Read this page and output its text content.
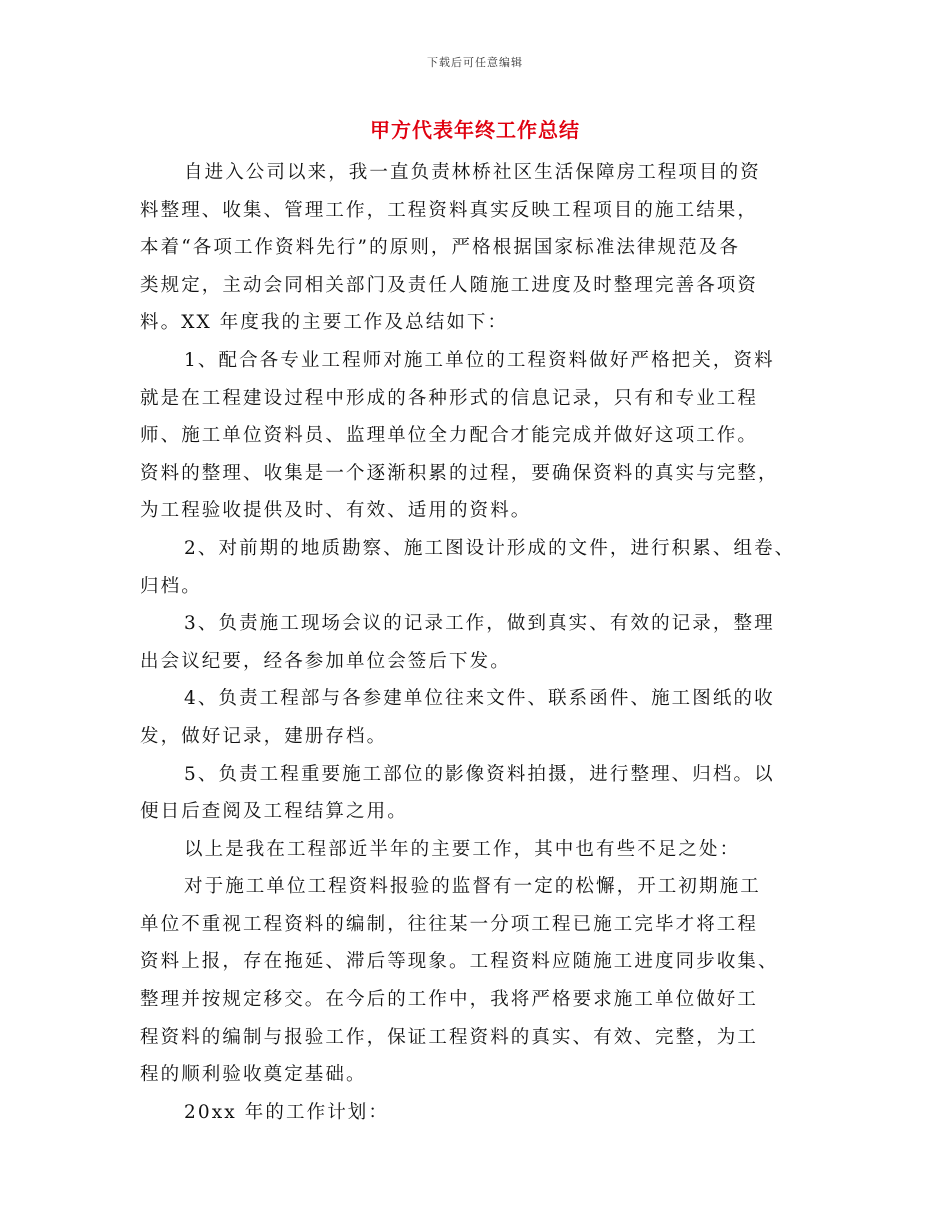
下载后可任意编辑
甲方代表年终工作总结

自进入公司以来，我一直负责林桥社区生活保障房工程项目的资
料整理、收集、管理工作，工程资料真实反映工程项目的施工结果，
本着“各项工作资料先行”的原则，严格根据国家标准法律规范及各
类规定，主动会同相关部门及责任人随施工进度及时整理完善各项资
料。XX 年度我的主要工作及总结如下：

1、配合各专业工程师对施工单位的工程资料做好严格把关，资料
就是在工程建设过程中形成的各种形式的信息记录，只有和专业工程
师、施工单位资料员、监理单位全力配合才能完成并做好这项工作。
资料的整理、收集是一个逐渐积累的过程，要确保资料的真实与完整，
为工程验收提供及时、有效、适用的资料。

2、对前期的地质勘察、施工图设计形成的文件，进行积累、组卷、
归档。

3、负责施工现场会议的记录工作，做到真实、有效的记录，整理
出会议纪要，经各参加单位会签后下发。

4、负责工程部与各参建单位往来文件、联系函件、施工图纸的收
发，做好记录，建册存档。

5、负责工程重要施工部位的影像资料拍摄，进行整理、归档。以
便日后查阅及工程结算之用。

以上是我在工程部近半年的主要工作，其中也有些不足之处：

对于施工单位工程资料报验的监督有一定的松懈，开工初期施工
单位不重视工程资料的编制，往往某一分项工程已施工完毕才将工程
资料上报，存在拖延、滞后等现象。工程资料应随施工进度同步收集、
整理并按规定移交。在今后的工作中，我将严格要求施工单位做好工
程资料的编制与报验工作，保证工程资料的真实、有效、完整，为工
程的顺利验收奠定基础。

20xx 年的工作计划：
